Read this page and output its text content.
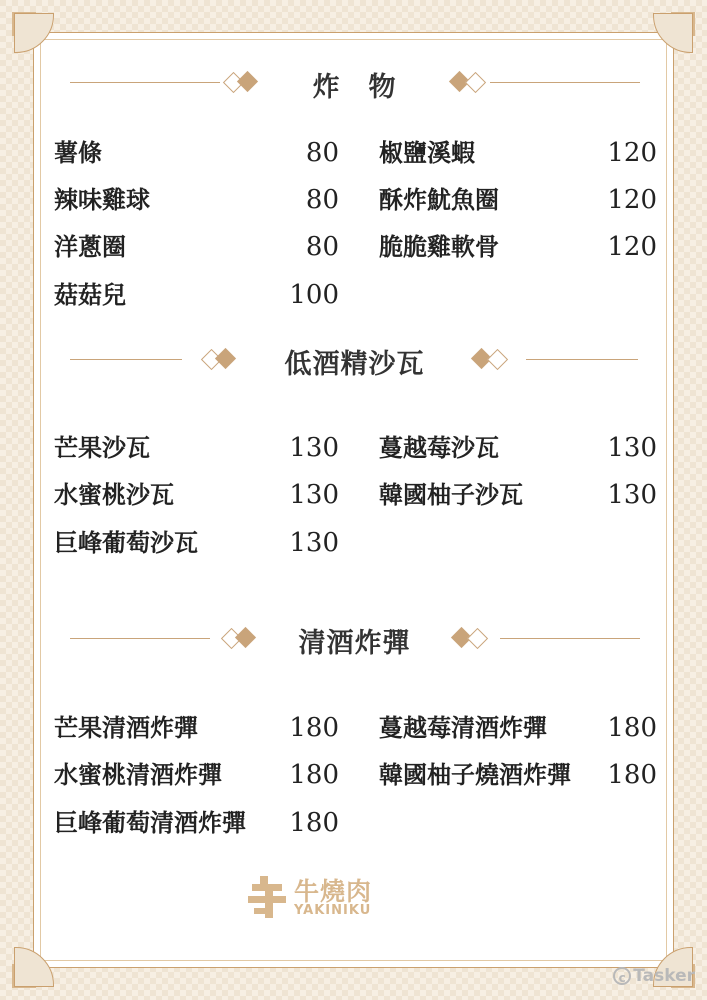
炸　物
薯條	80
辣味雞球	80
洋蔥圈	80
菇菇兒	100
椒鹽溪蝦	120
酥炸魷魚圈	120
脆脆雞軟骨	120
低酒精沙瓦
芒果沙瓦	130
水蜜桃沙瓦	130
巨峰葡萄沙瓦	130
蔓越莓沙瓦	130
韓國柚子沙瓦	130
清酒炸彈
芒果清酒炸彈	180
水蜜桃清酒炸彈	180
巨峰葡萄清酒炸彈 180
蔓越莓清酒炸彈 180
韓國柚子燒酒炸彈 180
牛燒肉
YAKINIKU
c Tasker
